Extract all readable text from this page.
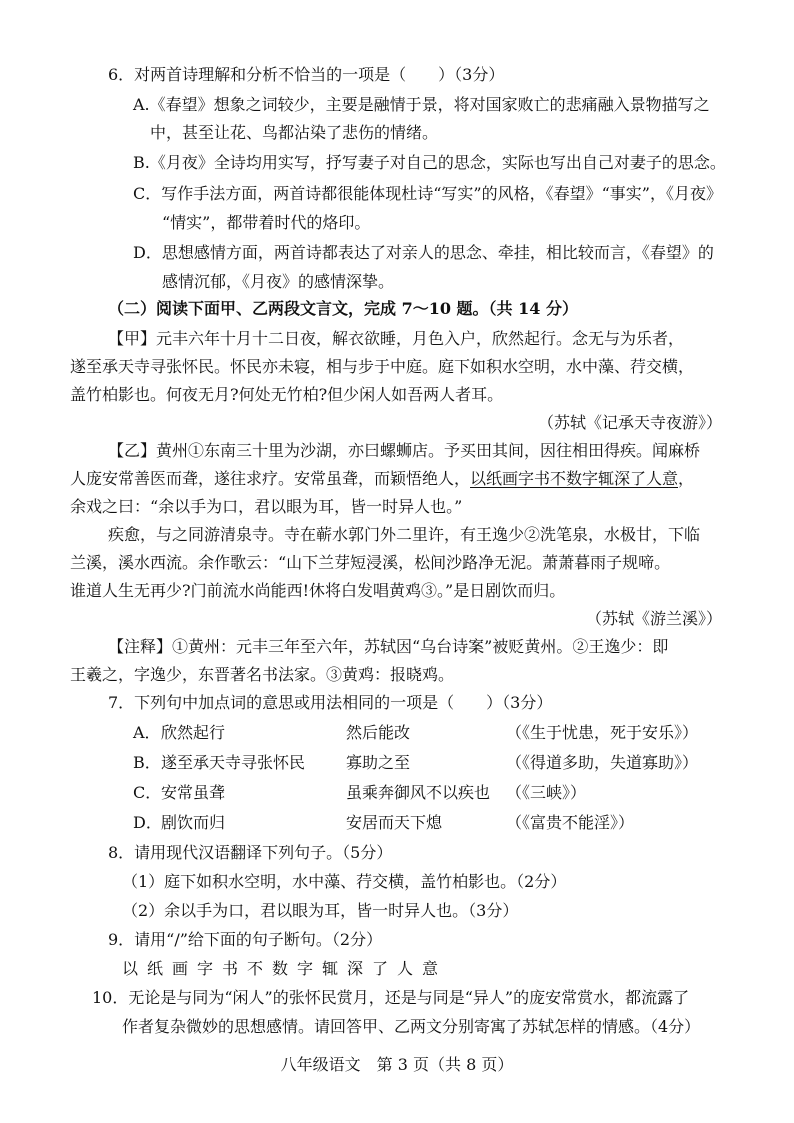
6．对两首诗理解和分析不恰当的一项是（　　）（3分）
A.《春望》想象之词较少，主要是融情于景，将对国家败亡的悲痛融入景物描写之
中，甚至让花、鸟都沾染了悲伤的情绪。
B.《月夜》全诗均用实写，抒写妻子对自己的思念，实际也写出自己对妻子的思念。
C．写作手法方面，两首诗都很能体现杜诗“写实”的风格，《春望》“事实”，《月夜》
“情实”，都带着时代的烙印。
D．思想感情方面，两首诗都表达了对亲人的思念、牵挂，相比较而言，《春望》的
感情沉郁，《月夜》的感情深挚。
（二）阅读下面甲、乙两段文言文，完成 7～10 题。（共 14 分）
【甲】元丰六年十月十二日夜，解衣欲睡，月色入户，欣然起行。念无与为乐者，
遂至承天寺寻张怀民。怀民亦未寝，相与步于中庭。庭下如积水空明，水中藻、荇交横，
盖竹柏影也。何夜无月?何处无竹柏?但少闲人如吾两人者耳。
（苏轼《记承天寺夜游》）
【乙】黄州①东南三十里为沙湖，亦曰螺蛳店。予买田其间，因往相田得疾。闻麻桥
人庞安常善医而聋，遂往求疗。安常虽聋，而颖悟绝人，以纸画字书不数字辄深了人意，
余戏之曰：“余以手为口，君以眼为耳，皆一时异人也。”
疾愈，与之同游清泉寺。寺在蕲水郭门外二里许，有王逸少②洗笔泉，水极甘，下临
兰溪，溪水西流。余作歌云：“山下兰芽短浸溪，松间沙路净无泥。萧萧暮雨子规啼。
谁道人生无再少?门前流水尚能西!休将白发唱黄鸡③。”是日剧饮而归。
（苏轼《游兰溪》）
【注释】①黄州：元丰三年至六年，苏轼因“乌台诗案”被贬黄州。②王逸少：即
王羲之，字逸少，东晋著名书法家。③黄鸡：报晓鸡。
7．下列句中加点词的意思或用法相同的一项是（　　）（3分）
A． 欣然起行	然后能改	（《生于忧患，死于安乐》）
B． 遂至承天寺寻张怀民	寡助之至	（《得道多助，失道寡助》）
C． 安常虽聋	虽乘奔御风不以疾也 （《三峡》）
D． 剧饮而归	安居而天下熄	（《富贵不能淫》）
8．请用现代汉语翻译下列句子。（5分）
（1）庭下如积水空明，水中藻、荇交横，盖竹柏影也。（2分）
（2）余以手为口，君以眼为耳，皆一时异人也。（3分）
9．请用“/”给下面的句子断句。（2分）
以纸画字书不数字辄深了人意
10．无论是与同为“闲人”的张怀民赏月，还是与同是“异人”的庞安常赏水，都流露了
作者复杂微妙的思想感情。请回答甲、乙两文分别寄寓了苏轼怎样的情感。（4分）
八年级语文　第 3 页（共 8 页）
